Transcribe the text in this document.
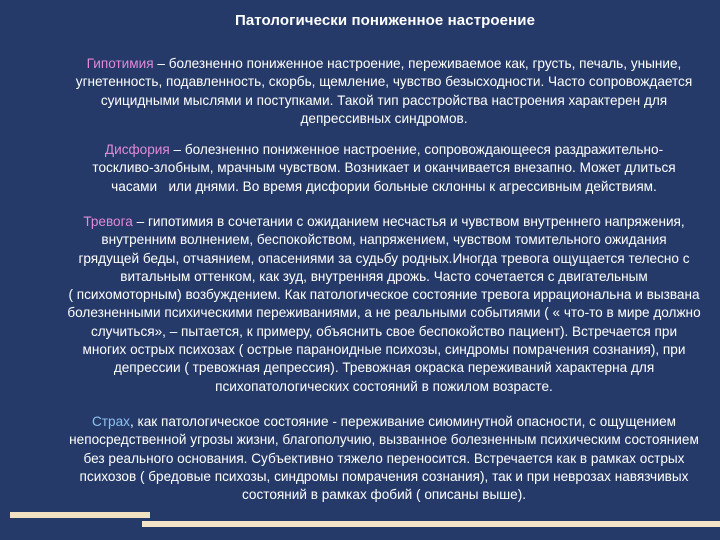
Патологически пониженное настроение
Гипотимия – болезненно пониженное настроение, переживаемое как, грусть, печаль, уныние,
угнетенность, подавленность, скорбь, щемление, чувство безысходности. Часто сопровождается
суицидными мыслями и поступками. Такой тип расстройства настроения характерен для
депрессивных синдромов.
Дисфория – болезненно пониженное настроение, сопровождающееся раздражительно-
тоскливо-злобным, мрачным чувством. Возникает и оканчивается внезапно. Может длиться
часами   или днями. Во время дисфории больные склонны к агрессивным действиям.
Тревога – гипотимия в сочетании с ожиданием несчастья и чувством внутреннего напряжения,
внутренним волнением, беспокойством, напряжением, чувством томительного ожидания
грядущей беды, отчаянием, опасениями за судьбу родных.Иногда тревога ощущается телесно с
витальным оттенком, как зуд, внутренняя дрожь. Часто сочетается с двигательным
( психомоторным) возбуждением. Как патологическое состояние тревога иррациональна и вызвана
болезненными психическими переживаниями, а не реальными событиями ( « что-то в мире должно
случиться», – пытается, к примеру, объяснить свое беспокойство пациент). Встречается при
многих острых психозах ( острые параноидные психозы, синдромы помрачения сознания), при
депрессии ( тревожная депрессия). Тревожная окраска переживаний характерна для
психопатологических состояний в пожилом возрасте.
Страх, как патологическое состояние - переживание сиюминутной опасности, с ощущением
непосредственной угрозы жизни, благополучию, вызванное болезненным психическим состоянием
без реального основания. Субъективно тяжело переносится. Встречается как в рамках острых
психозов ( бредовые психозы, синдромы помрачения сознания), так и при неврозах навязчивых
состояний в рамках фобий ( описаны выше).
